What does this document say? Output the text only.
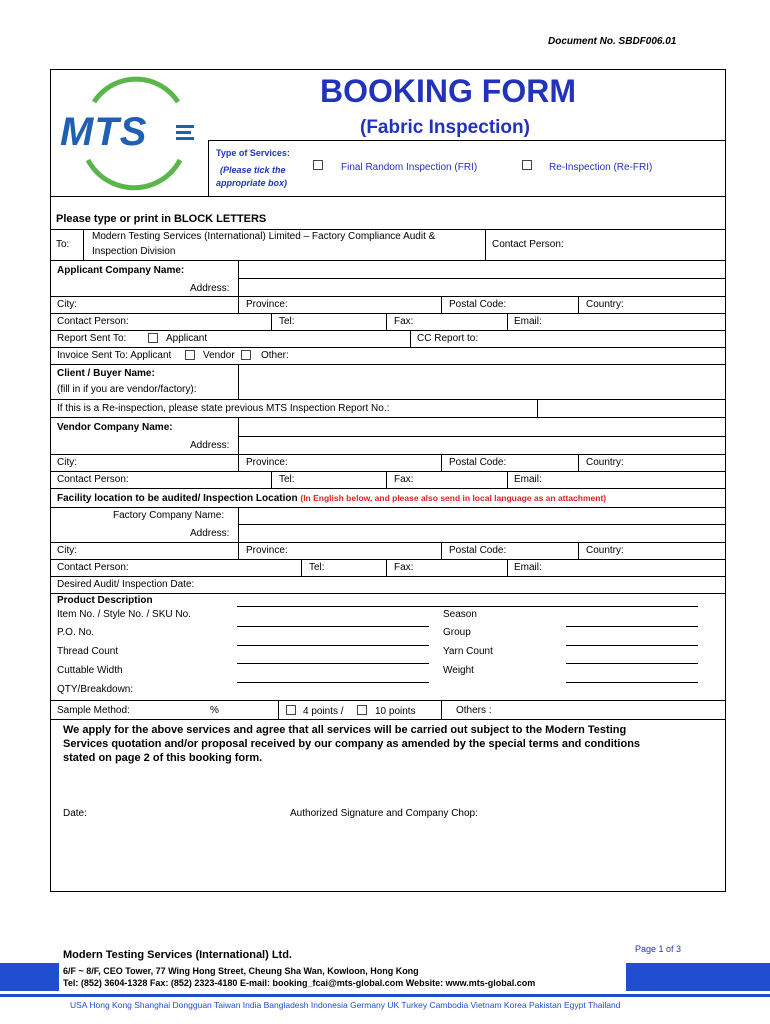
Document No. SBDF006.01
MTS
BOOKING FORM
(Fabric Inspection)
Type of Services:
(Please tick the
appropriate box)
Final Random Inspection (FRI)	Re-Inspection (Re-FRI)
Please type or print in BLOCK LETTERS
To:
Modern Testing Services (International) Limited – Factory Compliance Audit &
Inspection Division
Contact Person:
Applicant Company Name:
Address:
City:	Province:	Postal Code:	Country:
Contact Person:	Tel:	Fax:	Email:
Report Sent To:	Applicant	CC Report to:
Invoice Sent To: Applicant	Vendor	Other:
Client / Buyer Name:
(fill in if you are vendor/factory):
If this is a Re-inspection, please state previous MTS Inspection Report No.:
Vendor Company Name:
Address:
City:	Province:	Postal Code:	Country:
Contact Person:	Tel:	Fax:	Email:
Facility location to be audited/ Inspection Location (In English below, and please also send in local language as an attachment)
Factory Company Name:
Address:
City:	Province:	Postal Code:	Country:
Contact Person:	Tel:	Fax:	Email:
Desired Audit/ Inspection Date:
Product Description
Item No. / Style No. / SKU No.	Season
P.O. No.	Group
Thread Count	Yarn Count
Cuttable Width	Weight
QTY/Breakdown:
Sample Method:	%	4 points /	10 points	Others :
We apply for the above services and agree that all services will be carried out subject to the Modern Testing
Services quotation and/or proposal received by our company as amended by the special terms and conditions
stated on page 2 of this booking form.
Date:	Authorized Signature and Company Chop:
Modern Testing Services (International) Ltd.	Page 1 of 3
6/F ~ 8/F, CEO Tower, 77 Wing Hong Street, Cheung Sha Wan, Kowloon, Hong Kong
Tel: (852) 3604-1328 Fax: (852) 2323-4180 E-mail: booking_fcai@mts-global.com Website: www.mts-global.com
USA Hong Kong Shanghai Dongguan Taiwan India Bangladesh Indonesia Germany UK Turkey Cambodia Vietnam Korea Pakistan Egypt Thailand
